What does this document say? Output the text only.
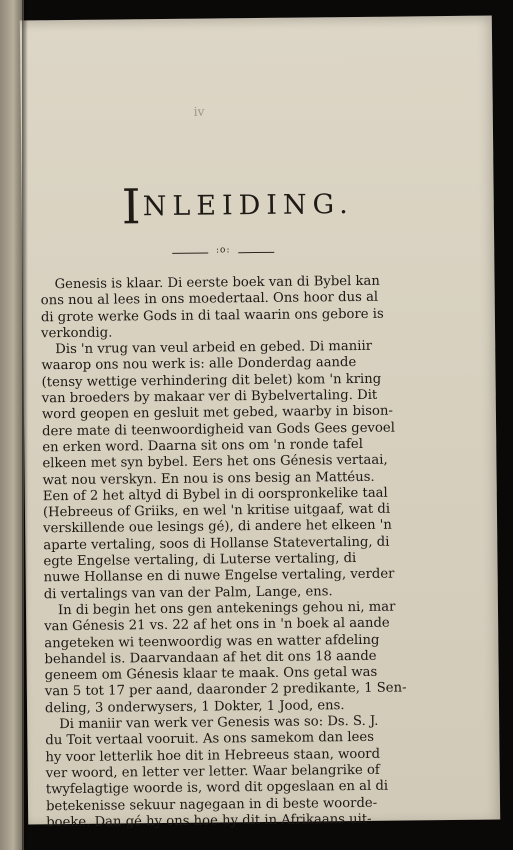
iv
INLEIDING.
:o:
Genesis is klaar. Di eerste boek van di Bybel kan
ons nou al lees in ons moedertaal. Ons hoor dus al
di grote werke Gods in di taal waarin ons gebore is
verkondig.
Dis 'n vrug van veul arbeid en gebed. Di maniir
waarop ons nou werk is: alle Donderdag aande
(tensy wettige verhindering dit belet) kom 'n kring
van broeders by makaar ver di Bybelvertaling. Dit
word geopen en gesluit met gebed, waarby in bison-
dere mate di teenwoordigheid van Gods Gees gevoel
en erken word. Daarna sit ons om 'n ronde tafel
elkeen met syn bybel. Eers het ons Génesis vertaai,
wat nou verskyn. En nou is ons besig an Mattéus.
Een of 2 het altyd di Bybel in di oorspronkelike taal
(Hebreeus of Griiks, en wel 'n kritise uitgaaf, wat di
verskillende oue lesings gé), di andere het elkeen 'n
aparte vertaling, soos di Hollanse Statevertaling, di
egte Engelse vertaling, di Luterse vertaling, di
nuwe Hollanse en di nuwe Engelse vertaling, verder
di vertalings van van der Palm, Lange, ens.
In di begin het ons gen antekenings gehou ni, mar
van Génesis 21 vs. 22 af het ons in 'n boek al aande
angeteken wi teenwoordig was en watter afdeling
behandel is. Daarvandaan af het dit ons 18 aande
geneem om Génesis klaar te maak. Ons getal was
van 5 tot 17 per aand, daaronder 2 predikante, 1 Sen-
deling, 3 onderwysers, 1 Dokter, 1 Jood, ens.
Di maniir van werk ver Genesis was so: Ds. S. J.
du Toit vertaal vooruit. As ons samekom dan lees
hy voor letterlik hoe dit in Hebreeus staan, woord
ver woord, en letter ver letter. Waar belangrike of
twyfelagtige woorde is, word dit opgeslaan en al di
betekenisse sekuur nagegaan in di beste woorde-
boeke. Dan gé hy ons hoe hy dit in Afrikaans uit-
